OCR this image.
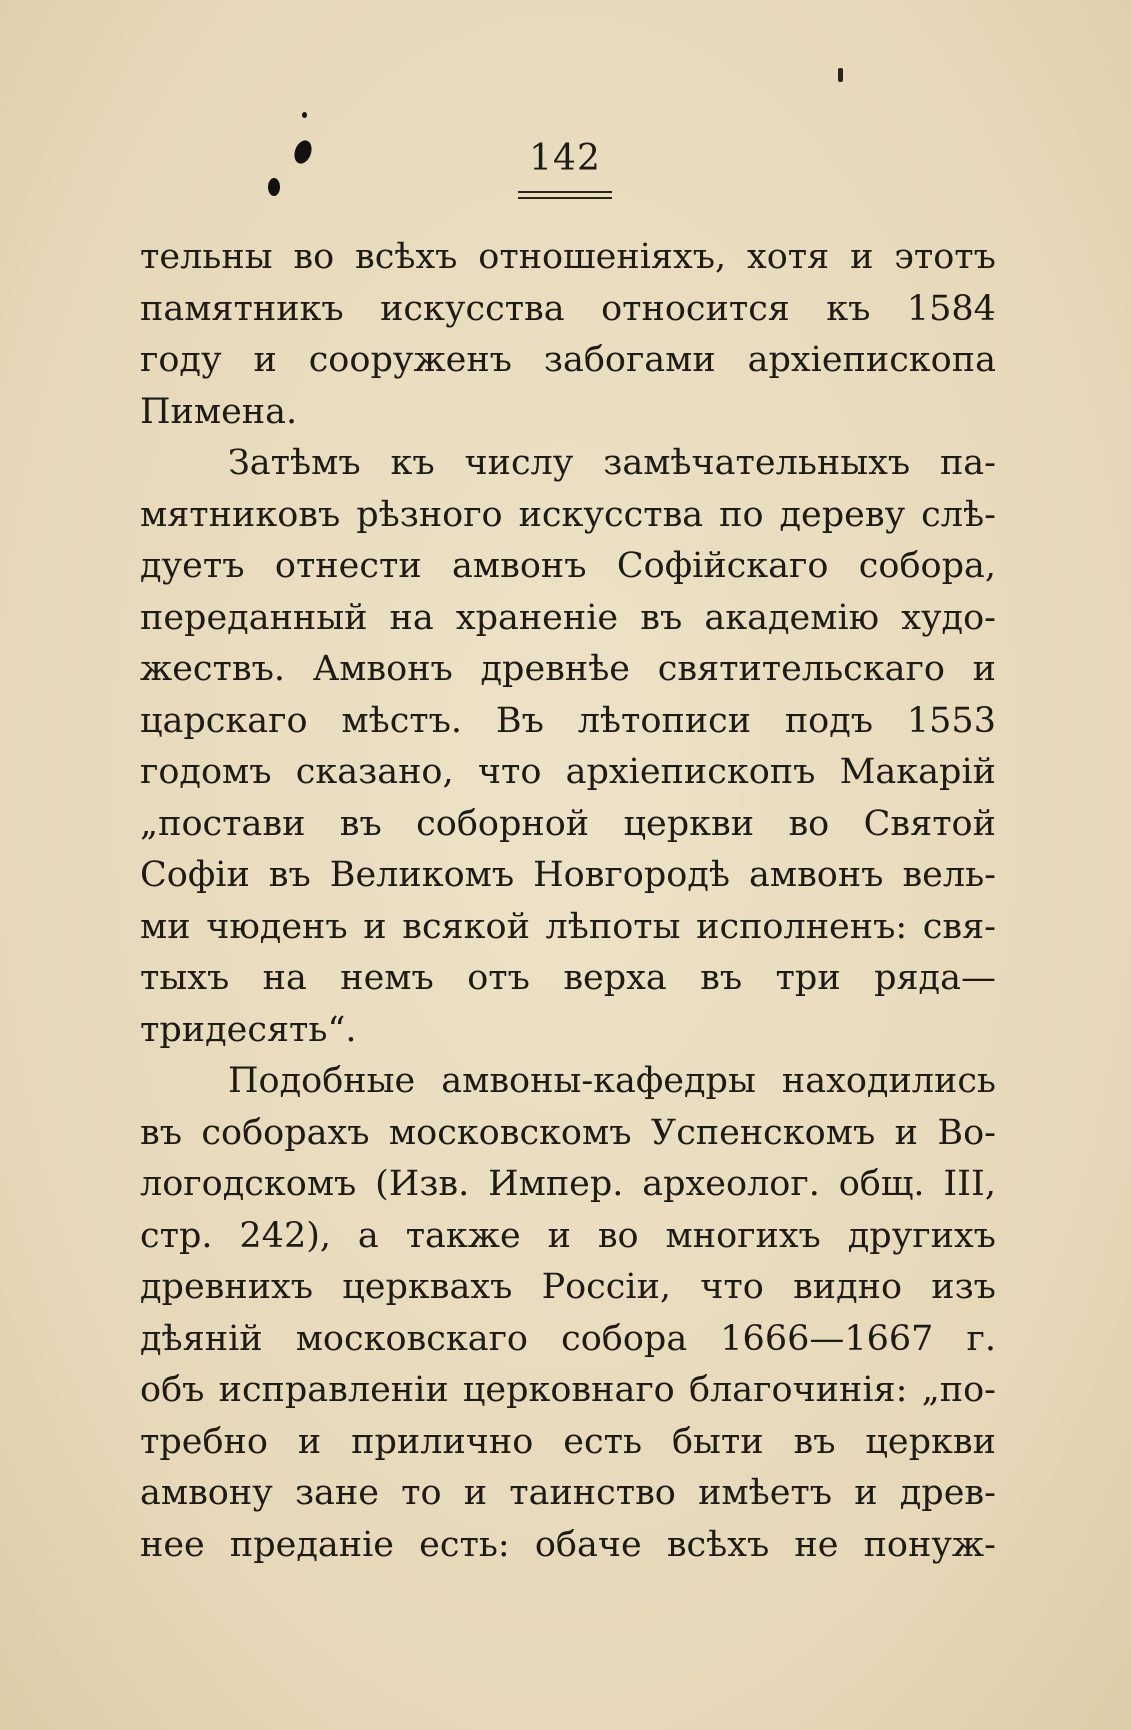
142
тельны во всѣхъ отношеніяхъ, хотя и этотъ
памятникъ искусства относится къ 1584
году и сооруженъ забогами архіепископа
Пимена.
Затѣмъ къ числу замѣчательныхъ па-
мятниковъ рѣзного искусства по дереву слѣ-
дуетъ отнести амвонъ Софійскаго собора,
переданный на храненіе въ академію худо-
жествъ. Амвонъ древнѣе святительскаго и
царскаго мѣстъ. Въ лѣтописи подъ 1553
годомъ сказано, что архіепископъ Макарій
„постави въ соборной церкви во Святой
Софіи въ Великомъ Новгородѣ амвонъ вель-
ми чюденъ и всякой лѣпоты исполненъ: свя-
тыхъ на немъ отъ верха въ три ряда—
тридесять“.
Подобные амвоны-кафедры находились
въ соборахъ московскомъ Успенскомъ и Во-
логодскомъ (Изв. Импер. археолог. общ. III,
стр. 242), а также и во многихъ другихъ
древнихъ церквахъ Россіи, что видно изъ
дѣяній московскаго собора 1666—1667 г.
объ исправленіи церковнаго благочинія: „по-
требно и прилично есть быти въ церкви
амвону зане то и таинство имѣетъ и древ-
нее преданіе есть: обаче всѣхъ не понуж-
